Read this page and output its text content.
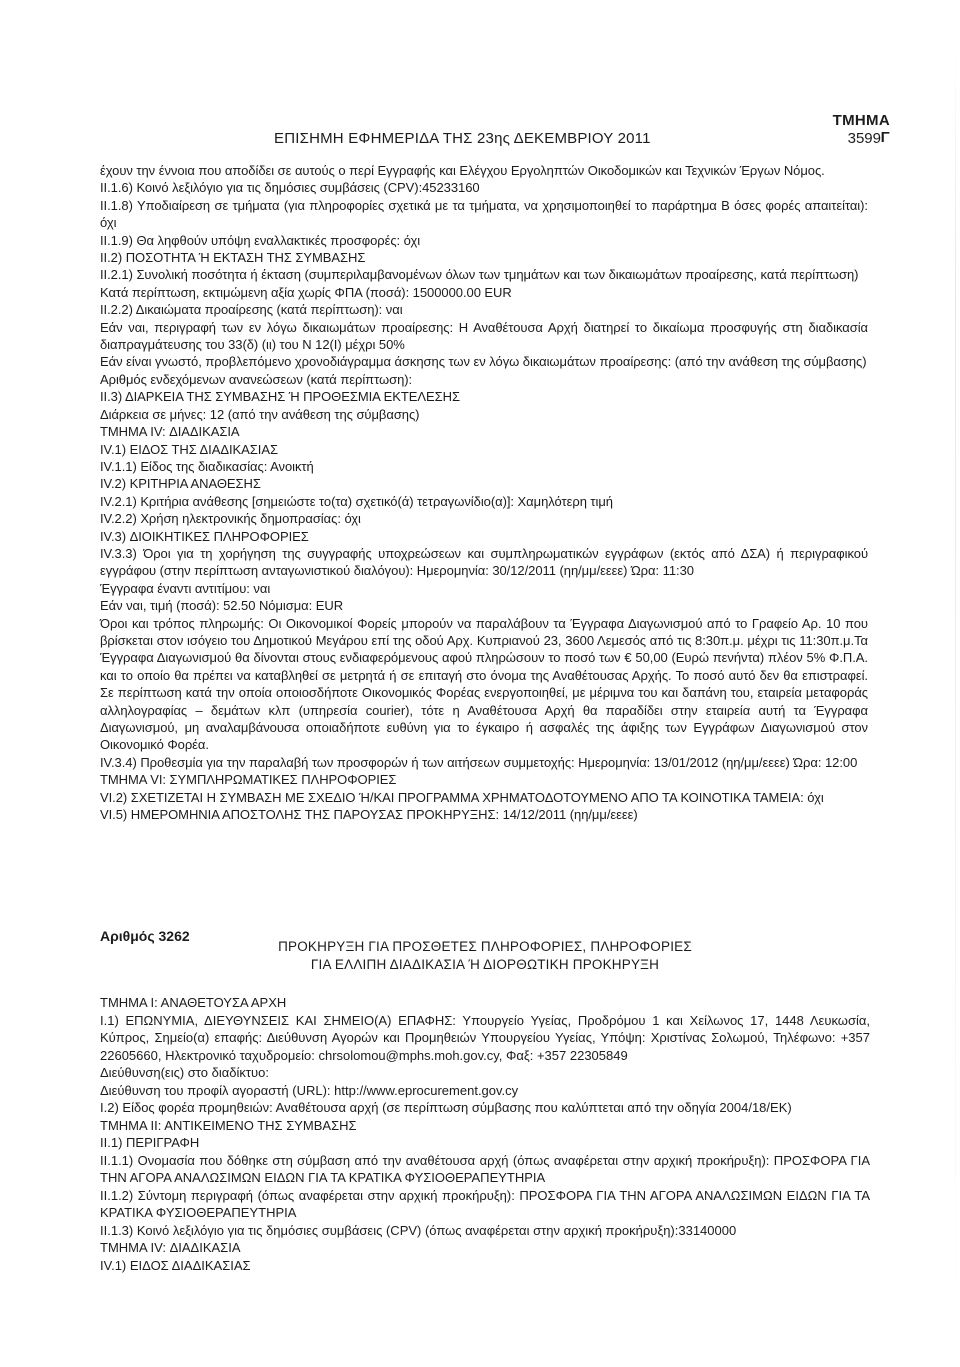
ΤΜΗΜΑ Γ
ΕΠΙΣΗΜΗ ΕΦΗΜΕΡΙΔΑ ΤΗΣ 23ης ΔΕΚΕΜΒΡΙΟΥ 2011	3599

έχουν την έννοια που αποδίδει σε αυτούς ο περί Εγγραφής και Ελέγχου Εργοληπτών Οικοδομικών και Τεχνικών Έργων Νόμος.

ΙΙ.1.6) Κοινό λεξιλόγιο για τις δημόσιες συμβάσεις (CPV):45233160

ΙΙ.1.8) Υποδιαίρεση σε τμήματα (για πληροφορίες σχετικά με τα τμήματα, να χρησιμοποιηθεί το παράρτημα Β όσες φορές απαιτείται): όχι

ΙΙ.1.9) Θα ληφθούν υπόψη εναλλακτικές προσφορές: όχι

ΙΙ.2) ΠΟΣΟΤΗΤΑ Ή ΕΚΤΑΣΗ ΤΗΣ ΣΥΜΒΑΣΗΣ

ΙΙ.2.1) Συνολική ποσότητα ή έκταση (συμπεριλαμβανομένων όλων των τμημάτων και των δικαιωμάτων προαίρεσης, κατά περίπτωση)

Κατά περίπτωση, εκτιμώμενη αξία χωρίς ΦΠΑ (ποσά): 1500000.00 EUR

ΙΙ.2.2) Δικαιώματα προαίρεσης (κατά περίπτωση): ναι

Εάν ναι, περιγραφή των εν λόγω δικαιωμάτων προαίρεσης: Η Αναθέτουσα Αρχή διατηρεί το δικαίωμα προσφυγής στη διαδικασία διαπραγμάτευσης του 33(δ) (ιι) του Ν 12(Ι) μέχρι 50%

Εάν είναι γνωστό, προβλεπόμενο χρονοδιάγραμμα άσκησης των εν λόγω δικαιωμάτων προαίρεσης: (από την ανάθεση της σύμβασης)

Αριθμός ενδεχόμενων ανανεώσεων (κατά περίπτωση):

ΙΙ.3) ΔΙΑΡΚΕΙΑ ΤΗΣ ΣΥΜΒΑΣΗΣ Ή ΠΡΟΘΕΣΜΙΑ ΕΚΤΕΛΕΣΗΣ

Διάρκεια σε μήνες: 12 (από την ανάθεση της σύμβασης)

ΤΜΗΜΑ IV: ΔΙΑΔΙΚΑΣΙΑ

IV.1) ΕΙΔΟΣ ΤΗΣ ΔΙΑΔΙΚΑΣΙΑΣ

IV.1.1) Είδος της διαδικασίας: Ανοικτή

IV.2) ΚΡΙΤΗΡΙΑ ΑΝΑΘΕΣΗΣ

IV.2.1) Κριτήρια ανάθεσης [σημειώστε το(τα) σχετικό(ά) τετραγωνίδιο(α)]: Χαμηλότερη τιμή

IV.2.2) Χρήση ηλεκτρονικής δημοπρασίας: όχι

IV.3) ΔΙΟΙΚΗΤΙΚΕΣ ΠΛΗΡΟΦΟΡΙΕΣ

IV.3.3) Όροι για τη χορήγηση της συγγραφής υποχρεώσεων και συμπληρωματικών εγγράφων (εκτός από ΔΣΑ) ή περιγραφικού εγγράφου (στην περίπτωση ανταγωνιστικού διαλόγου): Ημερομηνία: 30/12/2011 (ηη/μμ/εεεε) Ώρα: 11:30

Έγγραφα έναντι αντιτίμου: ναι

Εάν ναι, τιμή (ποσά): 52.50 Νόμισμα: EUR

Όροι και τρόπος πληρωμής: Οι Οικονομικοί Φορείς μπορούν να παραλάβουν τα Έγγραφα Διαγωνισμού από το Γραφείο Αρ. 10 που βρίσκεται στον ισόγειο του Δημοτικού Μεγάρου επί της οδού Αρχ. Κυπριανού 23, 3600 Λεμεσός από τις 8:30π.μ. μέχρι τις 11:30π.μ.Τα Έγγραφα Διαγωνισμού θα δίνονται στους ενδιαφερόμενους αφού πληρώσουν το ποσό των € 50,00 (Ευρώ πενήντα) πλέον 5% Φ.Π.Α. και το οποίο θα πρέπει να καταβληθεί σε μετρητά ή σε επιταγή στο όνομα της Αναθέτουσας Αρχής. Το ποσό αυτό δεν θα επιστραφεί. Σε περίπτωση κατά την οποία οποιοσδήποτε Οικονομικός Φορέας ενεργοποιηθεί, με μέριμνα του και δαπάνη του, εταιρεία μεταφοράς αλληλογραφίας – δεμάτων κλπ (υπηρεσία courier), τότε η Αναθέτουσα Αρχή θα παραδίδει στην εταιρεία αυτή τα Έγγραφα Διαγωνισμού, μη αναλαμβάνουσα οποιαδήποτε ευθύνη για το έγκαιρο ή ασφαλές της άφιξης των Εγγράφων Διαγωνισμού στον Οικονομικό Φορέα.

IV.3.4) Προθεσμία για την παραλαβή των προσφορών ή των αιτήσεων συμμετοχής: Ημερομηνία: 13/01/2012 (ηη/μμ/εεεε) Ώρα: 12:00

ΤΜΗΜΑ VI: ΣΥΜΠΛΗΡΩΜΑΤΙΚΕΣ ΠΛΗΡΟΦΟΡΙΕΣ

VI.2) ΣΧΕΤΙΖΕΤΑΙ Η ΣΥΜΒΑΣΗ ΜΕ ΣΧΕΔΙΟ Ή/ΚΑΙ ΠΡΟΓΡΑΜΜΑ ΧΡΗΜΑΤΟΔΟΤΟΥΜΕΝΟ ΑΠΟ ΤΑ ΚΟΙΝΟΤΙΚΑ ΤΑΜΕΙΑ: όχι

VI.5) ΗΜΕΡΟΜΗΝΙΑ ΑΠΟΣΤΟΛΗΣ ΤΗΣ ΠΑΡΟΥΣΑΣ ΠΡΟΚΗΡΥΞΗΣ: 14/12/2011 (ηη/μμ/εεεε)

Αριθμός 3262
ΠΡΟΚΗΡΥΞΗ ΓΙΑ ΠΡΟΣΘΕΤΕΣ ΠΛΗΡΟΦΟΡΙΕΣ, ΠΛΗΡΟΦΟΡΙΕΣ
ΓΙΑ ΕΛΛΙΠΗ ΔΙΑΔΙΚΑΣΙΑ Ή ΔΙΟΡΘΩΤΙΚΗ ΠΡΟΚΗΡΥΞΗ

ΤΜΗΜΑ Ι: ΑΝΑΘΕΤΟΥΣΑ ΑΡΧΗ

Ι.1) ΕΠΩΝΥΜΙΑ, ΔΙΕΥΘΥΝΣΕΙΣ ΚΑΙ ΣΗΜΕΙΟ(Α) ΕΠΑΦΗΣ: Υπουργείο Υγείας, Προδρόμου 1 και Χείλωνος 17, 1448 Λευκωσία, Κύπρος, Σημείο(α) επαφής: Διεύθυνση Αγορών και Προμηθειών Υπουργείου Υγείας, Υπόψη: Χριστίνας Σολωμού, Τηλέφωνο: +357 22605660, Ηλεκτρονικό ταχυδρομείο: chrsolomou@mphs.moh.gov.cy, Φαξ: +357 22305849

Διεύθυνση(εις) στο διαδίκτυο:

Διεύθυνση του προφίλ αγοραστή (URL): http://www.eprocurement.gov.cy

Ι.2) Είδος φορέα προμηθειών: Αναθέτουσα αρχή (σε περίπτωση σύμβασης που καλύπτεται από την οδηγία 2004/18/ΕΚ)

ΤΜΗΜΑ ΙΙ: ΑΝΤΙΚΕΙΜΕΝΟ ΤΗΣ ΣΥΜΒΑΣΗΣ

ΙΙ.1) ΠΕΡΙΓΡΑΦΗ

ΙΙ.1.1) Ονομασία που δόθηκε στη σύμβαση από την αναθέτουσα αρχή (όπως αναφέρεται στην αρχική προκήρυξη): ΠΡΟΣΦΟΡΑ ΓΙΑ ΤΗΝ ΑΓΟΡΑ ΑΝΑΛΩΣΙΜΩΝ ΕΙΔΩΝ ΓΙΑ ΤΑ ΚΡΑΤΙΚΑ ΦΥΣΙΟΘΕΡΑΠΕΥΤΗΡΙΑ

ΙΙ.1.2) Σύντομη περιγραφή (όπως αναφέρεται στην αρχική προκήρυξη): ΠΡΟΣΦΟΡΑ ΓΙΑ ΤΗΝ ΑΓΟΡΑ ΑΝΑΛΩΣΙΜΩΝ ΕΙΔΩΝ ΓΙΑ ΤΑ ΚΡΑΤΙΚΑ ΦΥΣΙΟΘΕΡΑΠΕΥΤΗΡΙΑ

ΙΙ.1.3) Κοινό λεξιλόγιο για τις δημόσιες συμβάσεις (CPV) (όπως αναφέρεται στην αρχική προκήρυξη):33140000

ΤΜΗΜΑ IV: ΔΙΑΔΙΚΑΣΙΑ

IV.1) ΕΙΔΟΣ ΔΙΑΔΙΚΑΣΙΑΣ
